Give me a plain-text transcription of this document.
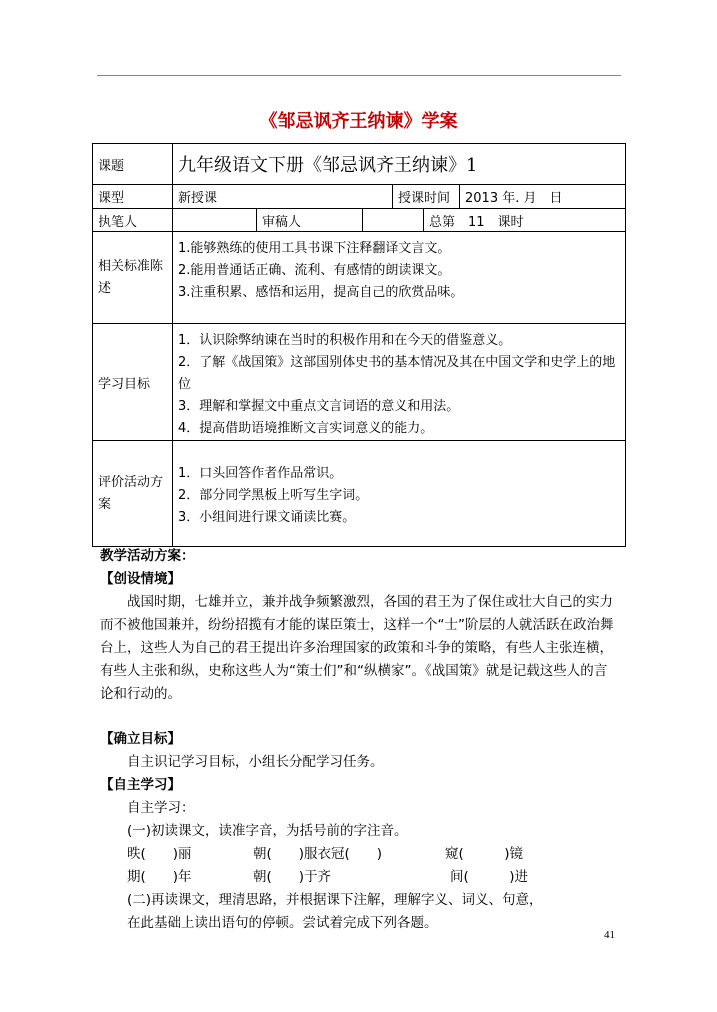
《邹忌讽齐王纳谏》学案
课题	九年级语文下册《邹忌讽齐王纳谏》1					
课型	新授课			授课时间		2013 年. 月　日
执笔人		审稿人			总第　11　课时	

相关标准陈述	1.能够熟练的使用工具书课下注释翻译文言文。
2.能用普通话正确、流利、有感情的朗读课文。
3.注重积累、感悟和运用，提高自己的欣赏品味。					

学习目标	1．认识除弊纳谏在当时的积极作用和在今天的借鉴意义。
2．了解《战国策》这部国别体史书的基本情况及其在中国文学和史学上的地位
3．理解和掌握文中重点文言词语的意义和用法。
4．提高借助语境推断文言实词意义的能力。					

评价活动方案	1．口头回答作者作品常识。
2．部分同学黑板上听写生字词。
3．小组间进行课文诵读比赛。					
教学活动方案：
【创设情境】

战国时期，七雄并立，兼并战争频繁激烈，各国的君王为了保住或壮大自己的实力而不被他国兼并，纷纷招揽有才能的谋臣策士，这样一个“士”阶层的人就活跃在政治舞台上，这些人为自己的君王提出许多治理国家的政策和斗争的策略，有些人主张连横，有些人主张和纵，史称这些人为“策士们”和“纵横家”。《战国策》就是记载这些人的言论和行动的。

【确立目标】
自主识记学习目标，小组长分配学习任务。
【自主学习】
自主学习：
(一)初读课文，读准字音，为括号前的字注音。
昳(　　)丽	朝(　　)服衣冠(　　)	窥(　　　)镜
期(　　)年	朝(　　)于齐	间(　　　)进
(二)再读课文，理清思路，并根据课下注解，理解字义、词义、句意，
在此基础上读出语句的停顿。尝试着完成下列各题。
41
